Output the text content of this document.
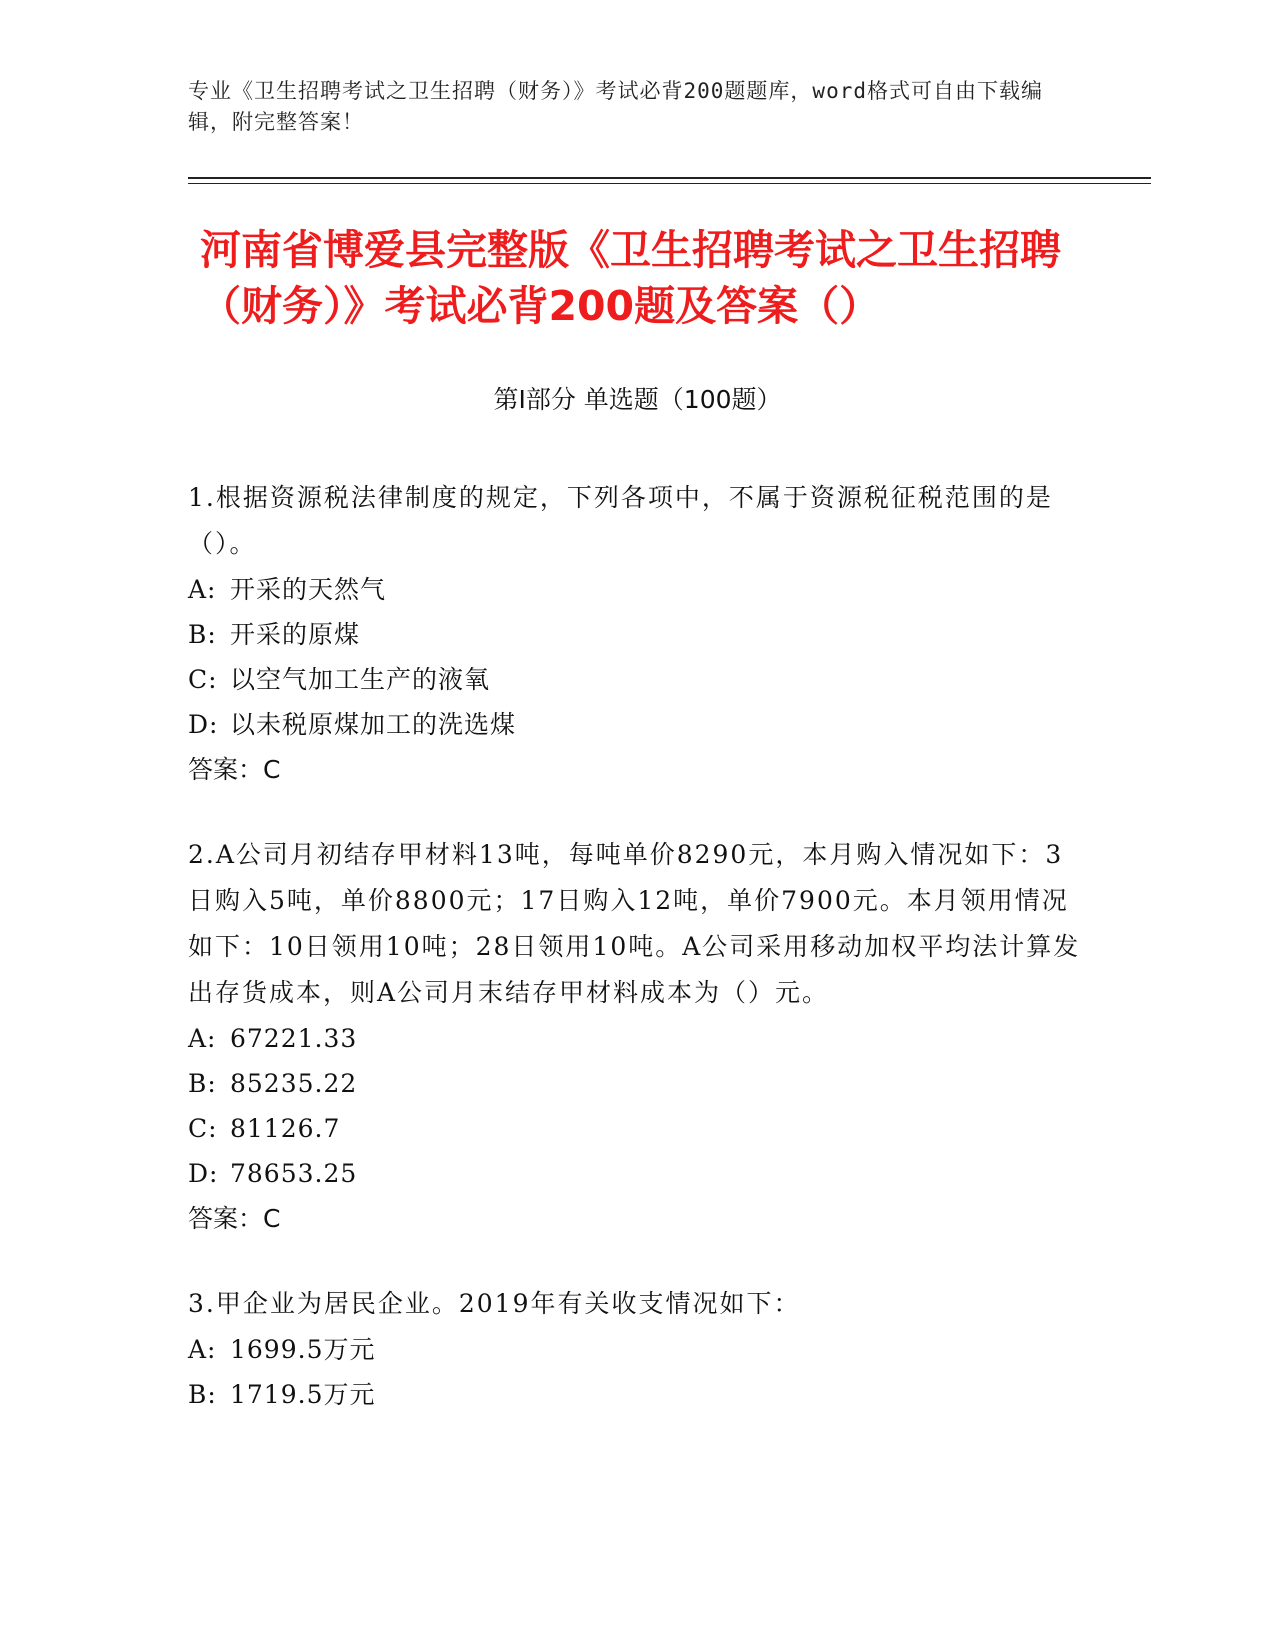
专业《卫生招聘考试之卫生招聘（财务）》考试必背200题题库，word格式可自由下载编辑，附完整答案！
河南省博爱县完整版《卫生招聘考试之卫生招聘（财务）》考试必背200题及答案（）
第I部分 单选题（100题）
1.根据资源税法律制度的规定，下列各项中，不属于资源税征税范围的是（）。
A: 开采的天然气
B: 开采的原煤
C: 以空气加工生产的液氧
D: 以未税原煤加工的洗选煤
答案：C
2.A公司月初结存甲材料13吨，每吨单价8290元，本月购入情况如下：3日购入5吨，单价8800元；17日购入12吨，单价7900元。本月领用情况如下：10日领用10吨；28日领用10吨。A公司采用移动加权平均法计算发出存货成本，则A公司月末结存甲材料成本为（）元。
A: 67221.33
B: 85235.22
C: 81126.7
D: 78653.25
答案：C
3.甲企业为居民企业。2019年有关收支情况如下：
A: 1699.5万元
B: 1719.5万元
